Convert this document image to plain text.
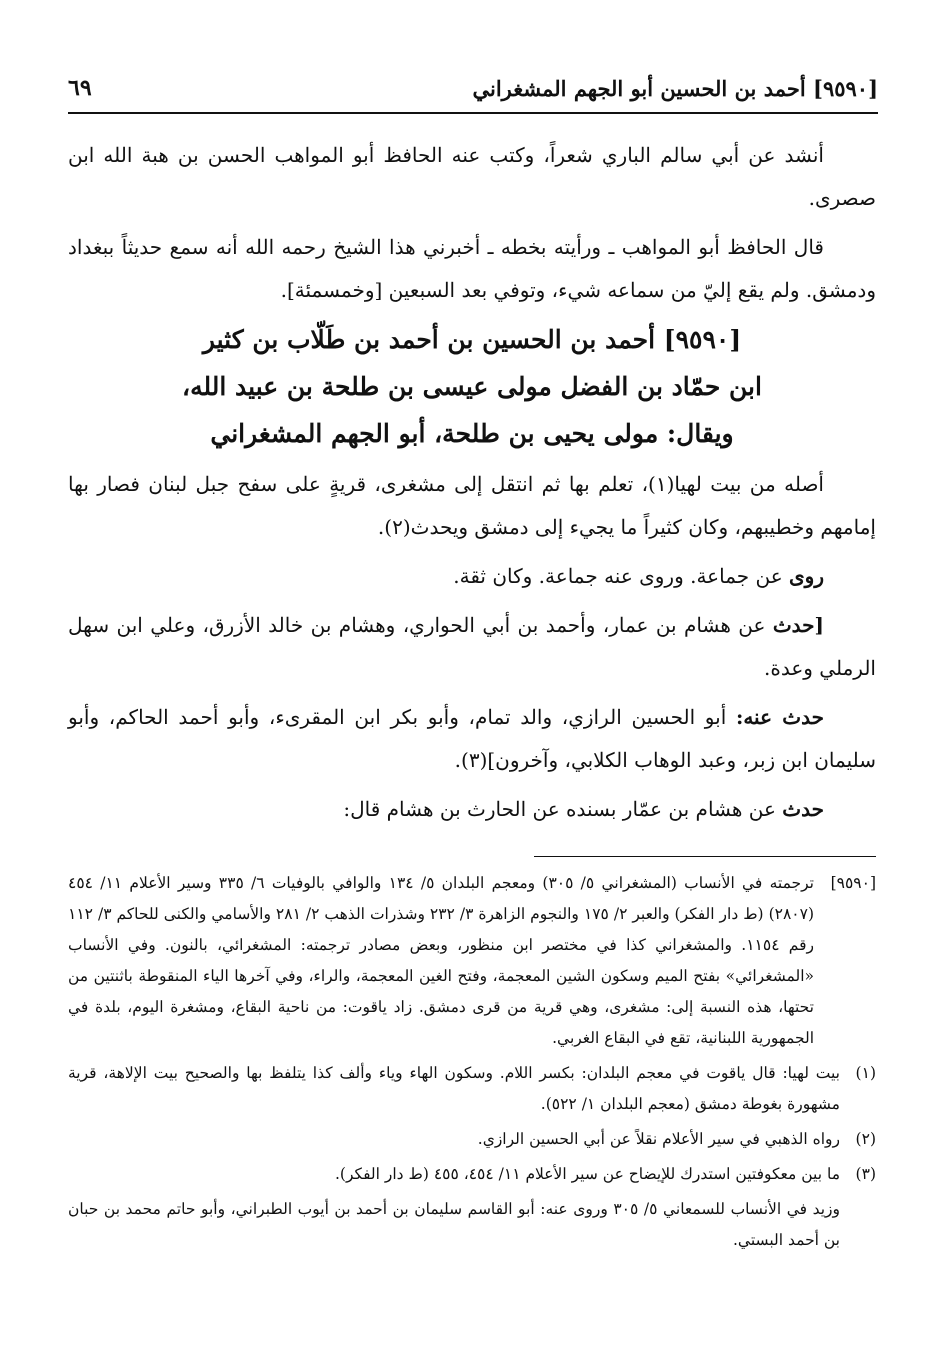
[٩٥٩٠] أحمد بن الحسين أبو الجهم المشغراني
٦٩

أنشد عن أبي سالم الباري شعراً، وكتب عنه الحافظ أبو المواهب الحسن بن هبة الله ابن صصرى.

قال الحافظ أبو المواهب ـ ورأيته بخطه ـ أخبرني هذا الشيخ رحمه الله أنه سمع حديثاً ببغداد ودمشق. ولم يقع إليّ من سماعه شيء، وتوفي بعد السبعين [وخمسمئة].

[٩٥٩٠] أحمد بن الحسين بن أحمد بن طَلّاب بن كثير
ابن حمّاد بن الفضل مولى عيسى بن طلحة بن عبيد الله،
ويقال: مولى يحيى بن طلحة، أبو الجهم المشغراني

أصله من بيت لهيا(١)، تعلم بها ثم انتقل إلى مشغرى، قريةٍ على سفح جبل لبنان فصار بها إمامهم وخطيبهم، وكان كثيراً ما يجيء إلى دمشق ويحدث(٢).

روى عن جماعة. وروى عنه جماعة. وكان ثقة.

[حدث عن هشام بن عمار، وأحمد بن أبي الحواري، وهشام بن خالد الأزرق، وعلي ابن سهل الرملي وعدة.

حدث عنه: أبو الحسين الرازي، والد تمام، وأبو بكر ابن المقرىء، وأبو أحمد الحاكم، وأبو سليمان ابن زبر، وعبد الوهاب الكلابي، وآخرون](٣).

حدث عن هشام بن عمّار بسنده عن الحارث بن هشام قال:

[٩٥٩٠]
ترجمته في الأنساب (المشغراني ٥/ ٣٠٥) ومعجم البلدان ٥/ ١٣٤ والوافي بالوفيات ٦/ ٣٣٥ وسير الأعلام ١١/ ٤٥٤ (٢٨٠٧) (ط دار الفكر) والعبر ٢/ ١٧٥ والنجوم الزاهرة ٣/ ٢٣٢ وشذرات الذهب ٢/ ٢٨١ والأسامي والكنى للحاكم ٣/ ١١٢ رقم ١١٥٤. والمشغراني كذا في مختصر ابن منظور، وبعض مصادر ترجمته: المشغرائي، بالنون. وفي الأنساب «المشغرائي» بفتح الميم وسكون الشين المعجمة، وفتح الغين المعجمة، والراء، وفي آخرها الياء المنقوطة باثنتين من تحتها، هذه النسبة إلى: مشغرى، وهي قرية من قرى دمشق. زاد ياقوت: من ناحية البقاع، ومشغرة اليوم، بلدة في الجمهورية اللبنانية، تقع في البقاع الغربي.
(١)
بيت لهيا: قال ياقوت في معجم البلدان: بكسر اللام. وسكون الهاء وياء وألف كذا يتلفظ بها والصحيح بيت الإلاهة، قرية مشهورة بغوطة دمشق (معجم البلدان ١/ ٥٢٢).
(٢)
رواه الذهبي في سير الأعلام نقلاً عن أبي الحسين الرازي.
(٣)
ما بين معكوفتين استدرك للإيضاح عن سير الأعلام ١١/ ٤٥٤، ٤٥٥ (ط دار الفكر).
وزيد في الأنساب للسمعاني ٥/ ٣٠٥ وروى عنه: أبو القاسم سليمان بن أحمد بن أيوب الطبراني، وأبو حاتم محمد بن حبان بن أحمد البستي.
